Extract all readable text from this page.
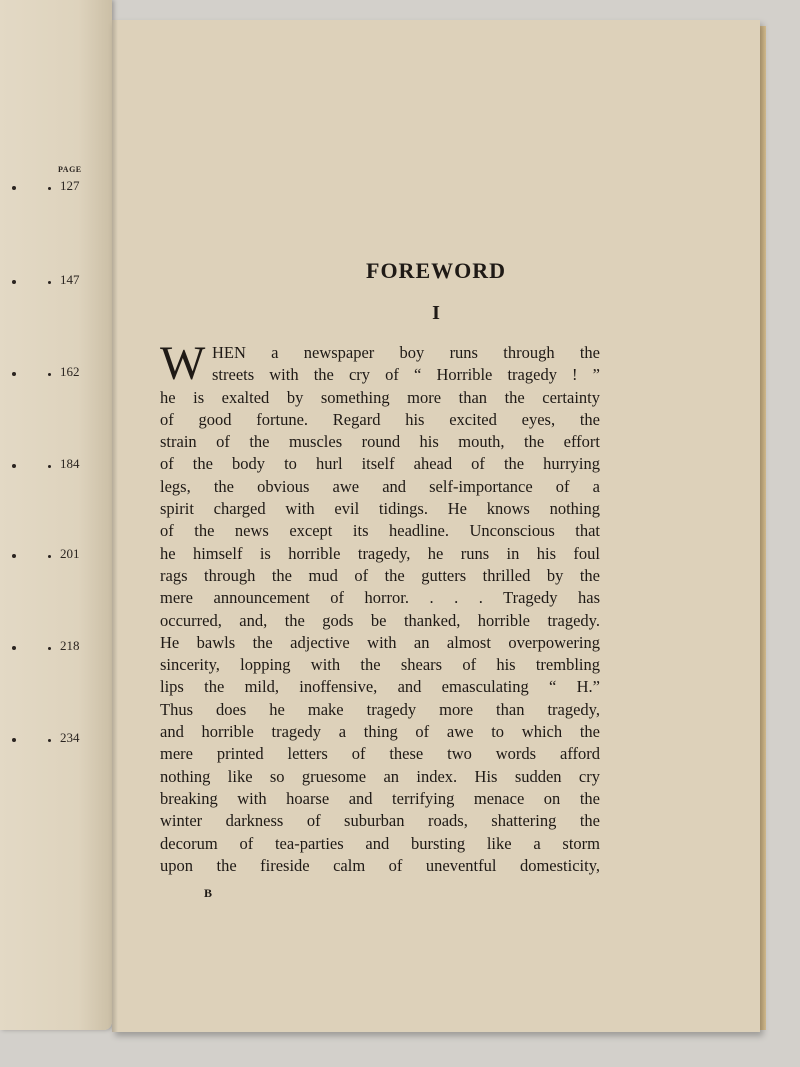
PAGE
127
147
162
184
201
218
234
FOREWORD
I
W HEN a newspaper boy runs through the
streets with the cry of “ Horrible tragedy ! ”
he is exalted by something more than the certainty
of good fortune. Regard his excited eyes, the
strain of the muscles round his mouth, the effort
of the body to hurl itself ahead of the hurrying
legs, the obvious awe and self-importance of a
spirit charged with evil tidings. He knows nothing
of the news except its headline. Unconscious that
he himself is horrible tragedy, he runs in his foul
rags through the mud of the gutters thrilled by the
mere announcement of horror. . . . Tragedy has
occurred, and, the gods be thanked, horrible tragedy.
He bawls the adjective with an almost overpowering
sincerity, lopping with the shears of his trembling
lips the mild, inoffensive, and emasculating “ H.”
Thus does he make tragedy more than tragedy,
and horrible tragedy a thing of awe to which the
mere printed letters of these two words afford
nothing like so gruesome an index. His sudden cry
breaking with hoarse and terrifying menace on the
winter darkness of suburban roads, shattering the
decorum of tea-parties and bursting like a storm
upon the fireside calm of uneventful domesticity,
B
